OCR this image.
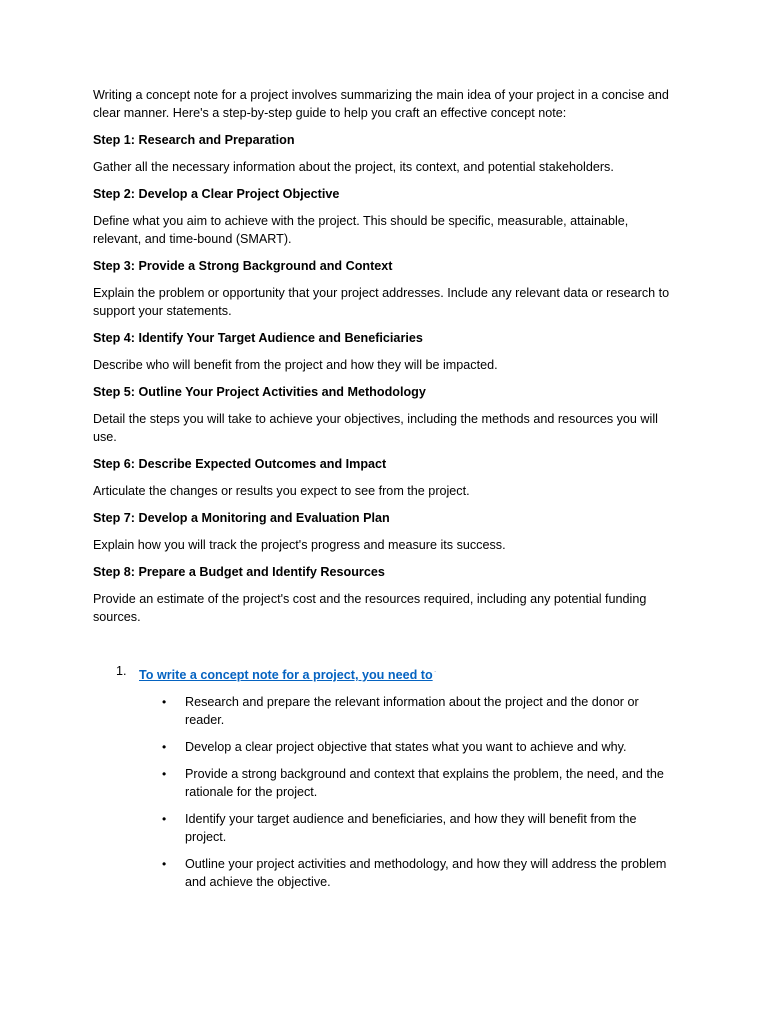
Writing a concept note for a project involves summarizing the main idea of your project in a concise and clear manner. Here's a step-by-step guide to help you craft an effective concept note:

Step 1: Research and Preparation

Gather all the necessary information about the project, its context, and potential stakeholders.

Step 2: Develop a Clear Project Objective

Define what you aim to achieve with the project. This should be specific, measurable, attainable, relevant, and time-bound (SMART).

Step 3: Provide a Strong Background and Context

Explain the problem or opportunity that your project addresses. Include any relevant data or research to support your statements.

Step 4: Identify Your Target Audience and Beneficiaries

Describe who will benefit from the project and how they will be impacted.

Step 5: Outline Your Project Activities and Methodology

Detail the steps you will take to achieve your objectives, including the methods and resources you will use.

Step 6: Describe Expected Outcomes and Impact

Articulate the changes or results you expect to see from the project.

Step 7: Develop a Monitoring and Evaluation Plan

Explain how you will track the project's progress and measure its success.

Step 8: Prepare a Budget and Identify Resources

Provide an estimate of the project's cost and the resources required, including any potential funding sources.

1. To write a concept note for a project, you need to·
• Research and prepare the relevant information about the project and the donor or reader.
• Develop a clear project objective that states what you want to achieve and why.
• Provide a strong background and context that explains the problem, the need, and the rationale for the project.
• Identify your target audience and beneficiaries, and how they will benefit from the project.
• Outline your project activities and methodology, and how they will address the problem and achieve the objective.
